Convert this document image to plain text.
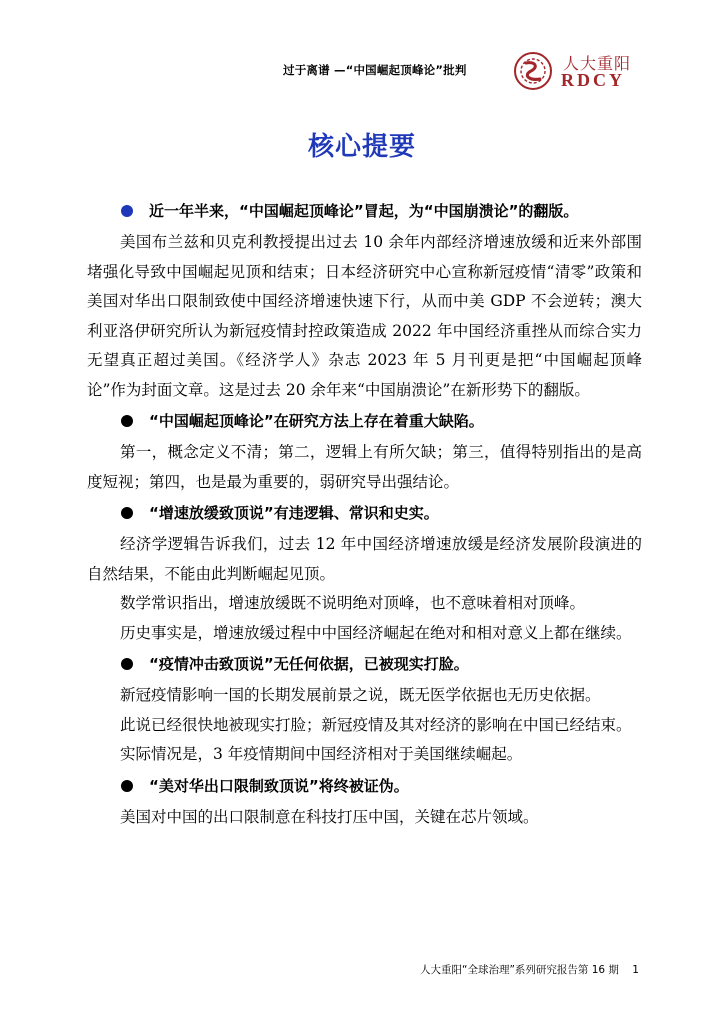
过于离谱 —“中国崛起顶峰论”批判	人大重阳
RDCY
核心提要
近一年半来，“中国崛起顶峰论”冒起，为“中国崩溃论”的翻版。

美国布兰兹和贝克利教授提出过去 10 余年内部经济增速放缓和近来外部围堵强化导致中国崛起见顶和结束；日本经济研究中心宣称新冠疫情“清零”政策和美国对华出口限制致使中国经济增速快速下行，从而中美 GDP 不会逆转；澳大利亚洛伊研究所认为新冠疫情封控政策造成 2022 年中国经济重挫从而综合实力无望真正超过美国。《经济学人》杂志 2023 年 5 月刊更是把“中国崛起顶峰论”作为封面文章。这是过去 20 余年来“中国崩溃论”在新形势下的翻版。

“中国崛起顶峰论”在研究方法上存在着重大缺陷。

第一，概念定义不清；第二，逻辑上有所欠缺；第三，值得特别指出的是高度短视；第四，也是最为重要的，弱研究导出强结论。

“增速放缓致顶说”有违逻辑、常识和史实。

经济学逻辑告诉我们，过去 12 年中国经济增速放缓是经济发展阶段演进的自然结果，不能由此判断崛起见顶。

数学常识指出，增速放缓既不说明绝对顶峰，也不意味着相对顶峰。

历史事实是，增速放缓过程中中国经济崛起在绝对和相对意义上都在继续。

“疫情冲击致顶说”无任何依据，已被现实打脸。

新冠疫情影响一国的长期发展前景之说，既无医学依据也无历史依据。

此说已经很快地被现实打脸；新冠疫情及其对经济的影响在中国已经结束。

实际情况是，3 年疫情期间中国经济相对于美国继续崛起。

“美对华出口限制致顶说”将终被证伪。

美国对中国的出口限制意在科技打压中国，关键在芯片领域。

人大重阳“全球治理”系列研究报告第 16 期 1
